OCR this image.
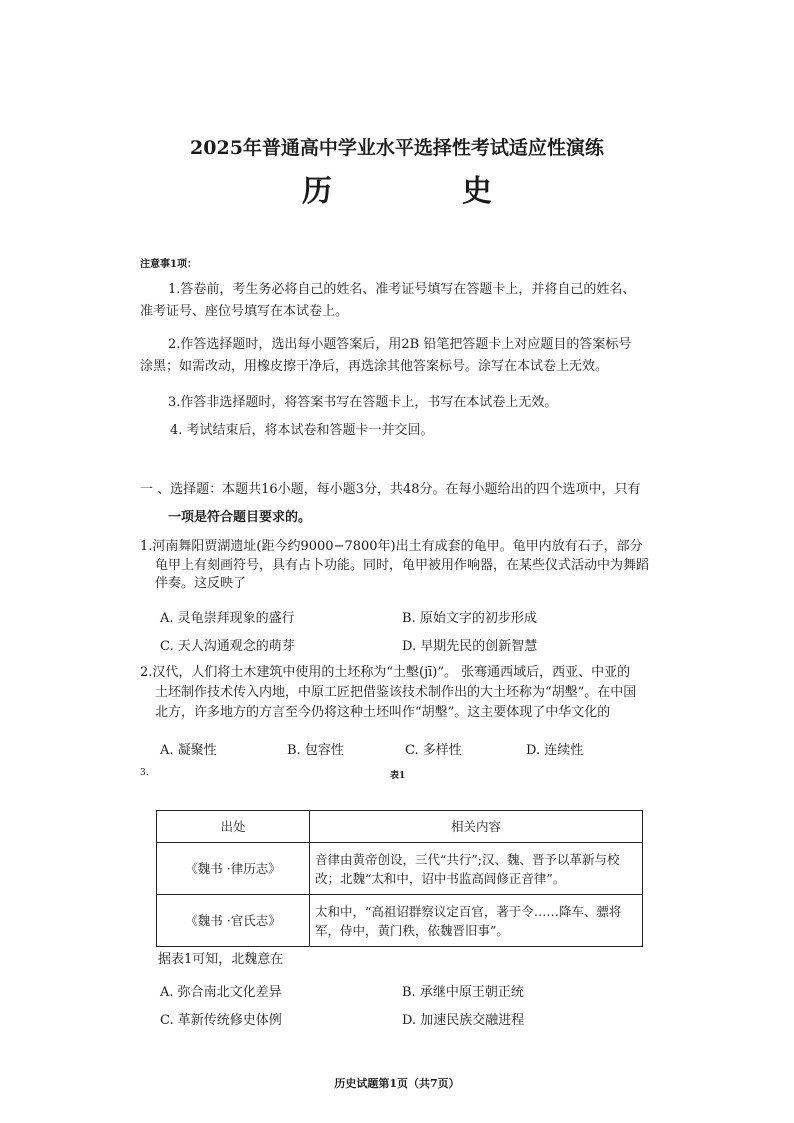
2025年普通高中学业水平选择性考试适应性演练
历　史
注意事1项：
1.答卷前，考生务必将自己的姓名、准考证号填写在答题卡上，并将自己的姓名、
准考证号、座位号填写在本试卷上。
2.作答选择题时，选出每小题答案后，用2B 铅笔把答题卡上对应题目的答案标号
涂黑；如需改动，用橡皮擦干净后，再选涂其他答案标号。涂写在本试卷上无效。
3.作答非选择题时，将答案书写在答题卡上，书写在本试卷上无效。
4. 考试结束后，将本试卷和答题卡一并交回。
一 、选择题：本题共16小题，每小题3分，共48分。在每小题给出的四个选项中，只有
一项是符合题目要求的。
1.河南舞阳贾湖遗址(距今约9000−7800年)出土有成套的龟甲。龟甲内放有石子，部分
龟甲上有刻画符号，具有占卜功能。同时，龟甲被用作响器，在某些仪式活动中为舞蹈
伴奏。这反映了
A. 灵龟崇拜现象的盛行	B. 原始文字的初步形成
C. 天人沟通观念的萌芽	D. 早期先民的创新智慧
2.汉代，人们将土木建筑中使用的土坯称为“土墼(jī)”。 张骞通西域后，西亚、中亚的
土坯制作技术传入内地，中原工匠把借鉴该技术制作出的大土坯称为“胡墼”。在中国
北方，许多地方的方言至今仍将这种土坯叫作“胡墼”。这主要体现了中华文化的
A. 凝聚性	B. 包容性	C. 多样性	D. 连续性
3.	表1
出处	相关内容
《魏书 ·律历志》	音律由黄帝创设，三代“共行”;汉、魏、晋予以革新与校改；北魏“太和中，诏中书监高闾修正音律”。
《魏书 ·官氏志》	太和中，“高祖诏群察议定百官，著于令……降车、骠将军，侍中，黄门秩，依魏晋旧事”。
据表1可知，北魏意在
A. 弥合南北文化差异	B. 承继中原王朝正统
C. 革新传统修史体例	D. 加速民族交融进程
历史试题第1页（共7页）
